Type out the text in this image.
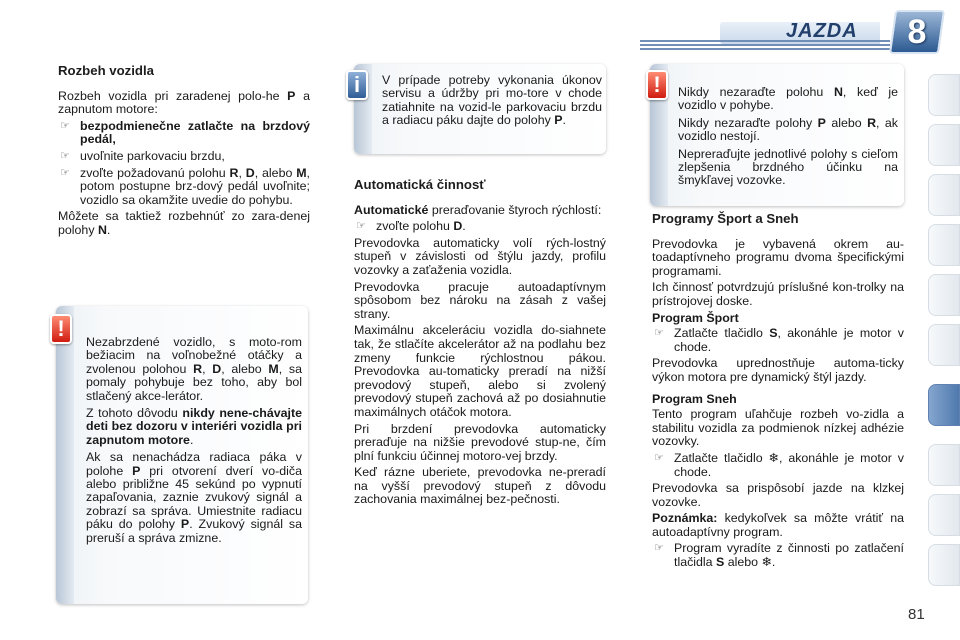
JAZDA	8
Rozbeh vozidla

Rozbeh vozidla pri zaradenej polo-he P a zapnutom motore:

☞ bezpodmienečne zatlačte na brzdový pedál,
☞ uvoľnite parkovaciu brzdu,
☞ zvoľte požadovanú polohu R, D, alebo M, potom postupne brz-dový pedál uvoľnite; vozidlo sa okamžite uvedie do pohybu.

Môžete sa taktiež rozbehnúť zo zara-denej polohy N.

Nezabrzdené vozidlo, s moto-rom bežiacim na voľnobežné otáčky a zvolenou polohou R, D, alebo M, sa pomaly pohybuje bez toho, aby bol stlačený akce-lerátor.

Z tohoto dôvodu nikdy nene-chávajte deti bez dozoru v interiéri vozidla pri zapnutom motore.

Ak sa nenachádza radiaca páka v polohe P pri otvorení dverí vo-diča alebo približne 45 sekúnd po vypnutí zapaľovania, zaznie zvukový signál a zobrazí sa správa. Umiestnite radiacu páku do polohy P. Zvukový signál sa preruší a správa zmizne.

!

V prípade potreby vykonania úkonov servisu a údržby pri mo-tore v chode zatiahnite na vozid-le parkovaciu brzdu a radiacu páku dajte do polohy P.

i
Automatická činnosť

Automatické preraďovanie štyroch rýchlostí:

☞ zvoľte polohu D.

Prevodovka automaticky volí rých-lostný stupeň v závislosti od štýlu jazdy, profilu vozovky a zaťaženia vozidla.

Prevodovka pracuje autoadaptívnym spôsobom bez nároku na zásah z vašej strany.

Maximálnu akceleráciu vozidla do-siahnete tak, že stlačíte akcelerátor až na podlahu bez zmeny funkcie rýchlostnou pákou. Prevodovka au-tomaticky preradí na nižší prevodový stupeň, alebo si zvolený prevodový stupeň zachová až po dosiahnutie maximálnych otáčok motora.

Pri brzdení prevodovka automaticky preraďuje na nižšie prevodové stup-ne, čím plní funkciu účinnej motoro-vej brzdy.

Keď rázne uberiete, prevodovka ne-preradí na vyšší prevodový stupeň z dôvodu zachovania maximálnej bez-pečnosti.

Nikdy nezaraďte polohu N, keď je vozidlo v pohybe.

Nikdy nezaraďte polohy P alebo R, ak vozidlo nestojí.

Nepreraďujte jednotlivé polohy s cieľom zlepšenia brzdného účinku na šmykľavej vozovke.

!
Programy Šport a Sneh

Prevodovka je vybavená okrem au-toadaptívneho programu dvoma špecifickými programami.

Ich činnosť potvrdzujú príslušné kon-trolky na prístrojovej doske.

Program Šport
☞ Zatlačte tlačidlo S, akonáhle je motor v chode.

Prevodovka uprednostňuje automa-ticky výkon motora pre dynamický štýl jazdy.

Program Sneh

Tento program uľahčuje rozbeh vo-zidla a stabilitu vozidla za podmienok nízkej adhézie vozovky.

☞ Zatlačte tlačidlo ❄, akonáhle je motor v chode.

Prevodovka sa prispôsobí jazde na klzkej vozovke.

Poznámka: kedykoľvek sa môžte vrátiť na autoadaptívny program.

☞ Program vyradíte z činnosti po zatlačení tlačidla S alebo ❄.
81
